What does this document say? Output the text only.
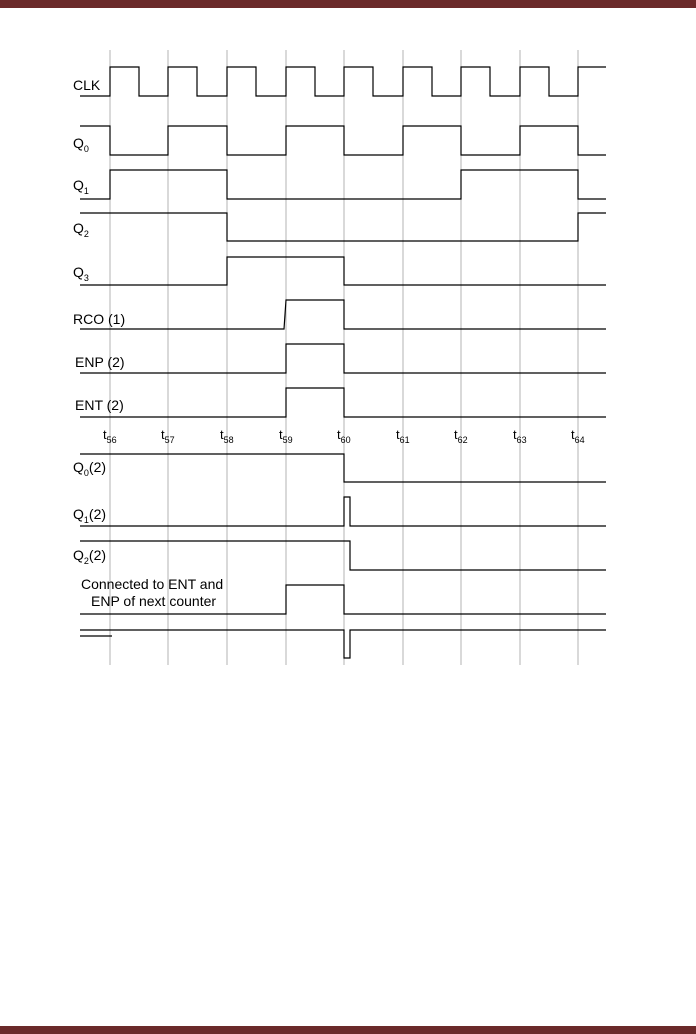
CLK
$Q_0$
$Q_1$
$Q_2$
$Q_3$
RCO (1)
ENP (2)
ENT (2)
$Q_0(2)$
$Q_1(2)$
$Q_2(2)$
Connected to ENT and
ENP of next counter
$t_{56}$	$t_{57}$	$t_{58}$	$t_{59}$	$t_{60}$	$t_{61}$	$t_{62}$	$t_{63}$	$t_{64}$
